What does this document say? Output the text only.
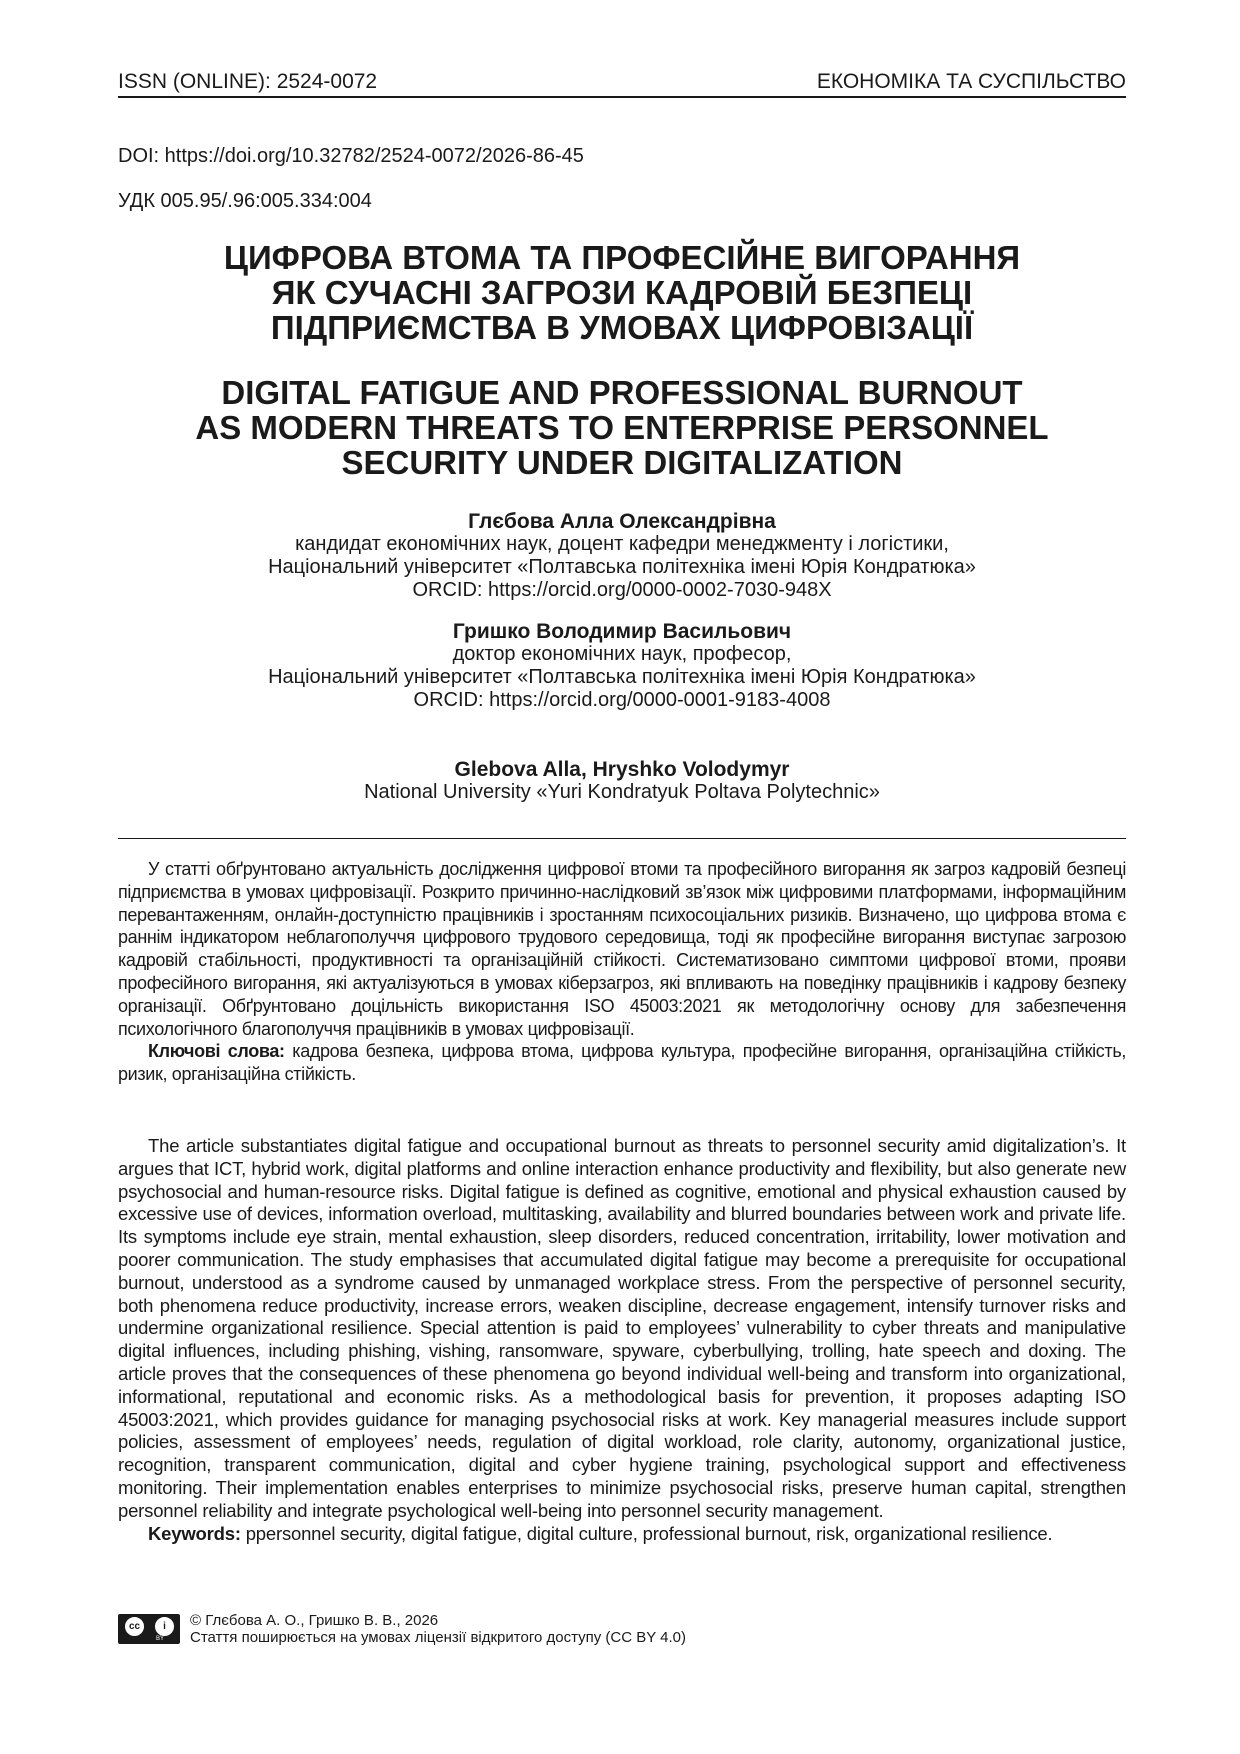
ISSN (ONLINE): 2524-0072	ЕКОНОМІКА ТА СУСПІЛЬСТВО
DOI: https://doi.org/10.32782/2524-0072/2026-86-45
УДК 005.95/.96:005.334:004
ЦИФРОВА ВТОМА ТА ПРОФЕСІЙНЕ ВИГОРАННЯ
ЯК СУЧАСНІ ЗАГРОЗИ КАДРОВІЙ БЕЗПЕЦІ
ПІДПРИЄМСТВА В УМОВАХ ЦИФРОВІЗАЦІЇ
DIGITAL FATIGUE AND PROFESSIONAL BURNOUT
AS MODERN THREATS TO ENTERPRISE PERSONNEL
SECURITY UNDER DIGITALIZATION
Глєбова Алла Олександрівна
кандидат економічних наук, доцент кафедри менеджменту і логістики,
Національний університет «Полтавська політехніка імені Юрія Кондратюка»
ORCID: https://orcid.org/0000-0002-7030-948X
Гришко Володимир Васильович
доктор економічних наук, професор,
Національний університет «Полтавська політехніка імені Юрія Кондратюка»
ORCID: https://orcid.org/0000-0001-9183-4008
Glebova Alla, Hryshko Volodymyr
National University «Yuri Kondratyuk Poltava Polytechnic»

У статті обґрунтовано актуальність дослідження цифрової втоми та професійного вигорання як загроз кадровій безпеці підприємства в умовах цифровізації. Розкрито причинно-наслідковий зв’язок між цифровими платформами, інформаційним перевантаженням, онлайн-доступністю працівників і зростанням психосоціальних ризиків. Визначено, що цифрова втома є раннім індикатором неблагополуччя цифрового трудового середовища, тоді як професійне вигорання виступає загрозою кадровій стабільності, продуктивності та організаційній стійкості. Систематизовано симптоми цифрової втоми, прояви професійного вигорання, які актуалізуються в умовах кіберзагроз, які впливають на поведінку працівників і кадрову безпеку організації. Обґрунтовано доцільність використання ISO 45003:2021 як методологічну основу для забезпечення психологічного благополуччя працівників в умовах цифровізації.

Ключові слова: кадрова безпека, цифрова втома, цифрова культура, професійне вигорання, організаційна стійкість, ризик, організаційна стійкість.

The article substantiates digital fatigue and occupational burnout as threats to personnel security amid digitalization’s. It argues that ICT, hybrid work, digital platforms and online interaction enhance productivity and flexibility, but also generate new psychosocial and human-resource risks. Digital fatigue is defined as cognitive, emotional and physical exhaustion caused by excessive use of devices, information overload, multitasking, availability and blurred boundaries between work and private life. Its symptoms include eye strain, mental exhaustion, sleep disorders, reduced concentration, irritability, lower motivation and poorer communication. The study emphasises that accumulated digital fatigue may become a prerequisite for occupational burnout, understood as a syndrome caused by unmanaged workplace stress. From the perspective of personnel security, both phenomena reduce productivity, increase errors, weaken discipline, decrease engagement, intensify turnover risks and undermine organizational resilience. Special attention is paid to employees’ vulnerability to cyber threats and manipulative digital influences, including phishing, vishing, ransomware, spyware, cyberbullying, trolling, hate speech and doxing. The article proves that the consequences of these phenomena go beyond individual well-being and transform into organizational, informational, reputational and economic risks. As a methodological basis for prevention, it proposes adapting ISO 45003:2021, which provides guidance for managing psychosocial risks at work. Key managerial measures include support policies, assessment of employees’ needs, regulation of digital workload, role clarity, autonomy, organizational justice, recognition, transparent communication, digital and cyber hygiene training, psychological support and effectiveness monitoring. Their implementation enables enterprises to minimize psychosocial risks, preserve human capital, strengthen personnel reliability and integrate psychological well-being into personnel security management.

Keywords: ppersonnel security, digital fatigue, digital culture, professional burnout, risk, organizational resilience.

cc	i
BY
© Глєбова А. О., Гришко В. В., 2026
Стаття поширюється на умовах ліцензії відкритого доступу (CC BY 4.0)
